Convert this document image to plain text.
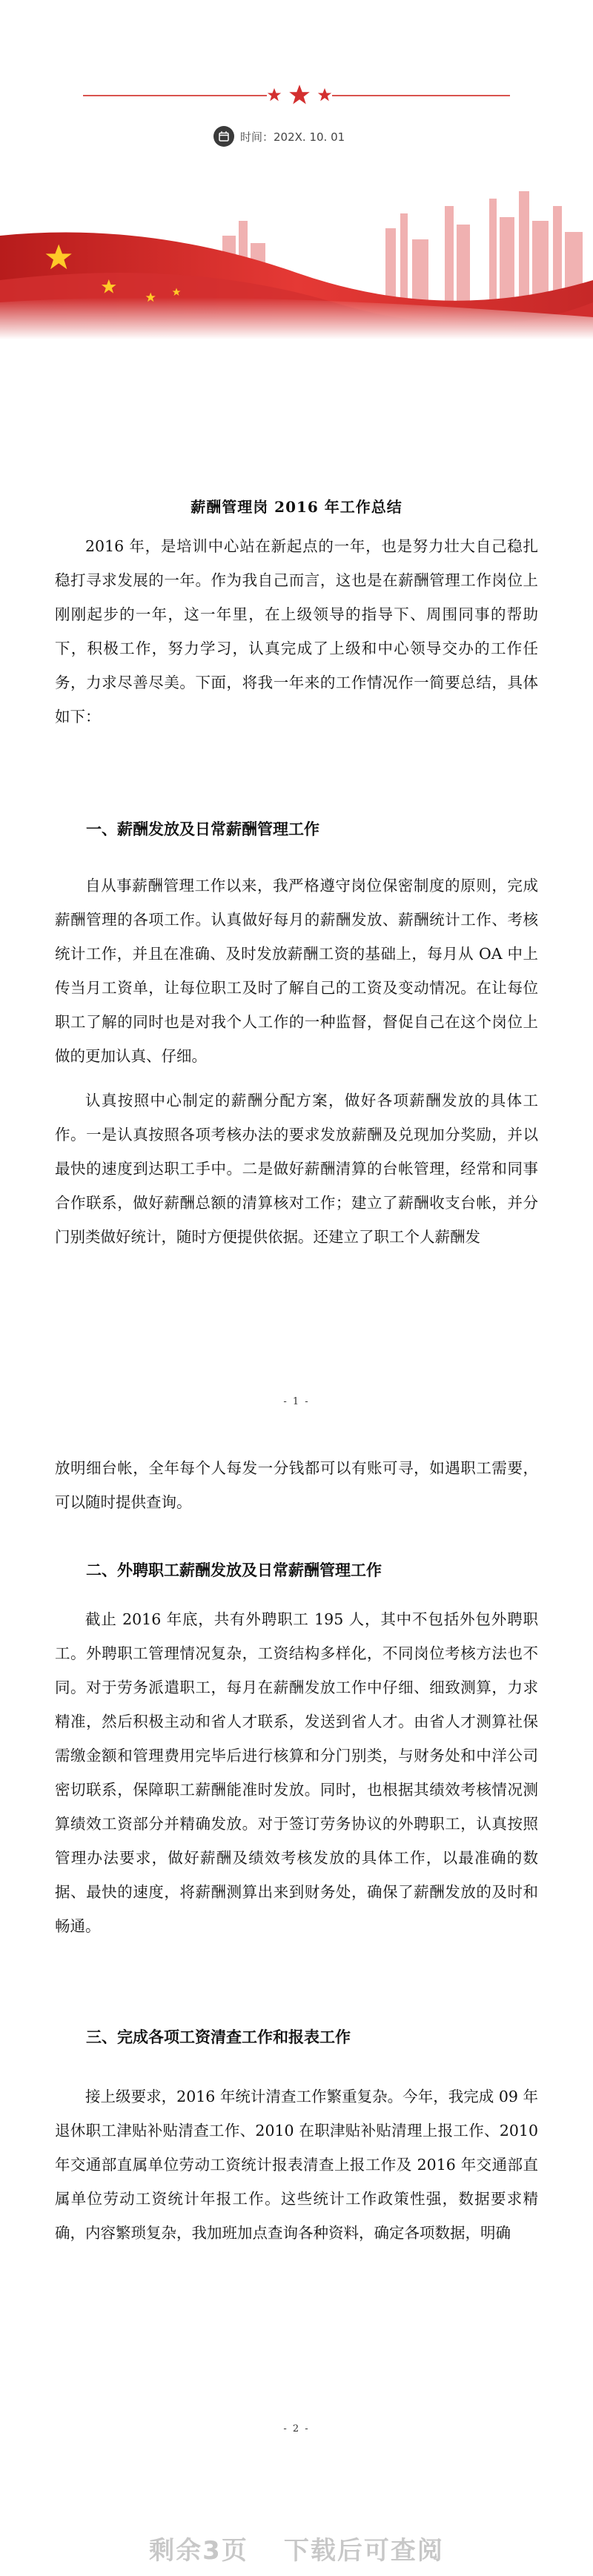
时间：202X. 10. 01
薪酬管理岗 2016 年工作总结

2016 年，是培训中心站在新起点的一年，也是努力壮大自己稳扎稳打寻求发展的一年。作为我自己而言，这也是在薪酬管理工作岗位上刚刚起步的一年，这一年里，在上级领导的指导下、周围同事的帮助下，积极工作，努力学习，认真完成了上级和中心领导交办的工作任务，力求尽善尽美。下面，将我一年来的工作情况作一简要总结，具体如下：

一、薪酬发放及日常薪酬管理工作

自从事薪酬管理工作以来，我严格遵守岗位保密制度的原则，完成薪酬管理的各项工作。认真做好每月的薪酬发放、薪酬统计工作、考核统计工作，并且在准确、及时发放薪酬工资的基础上，每月从 OA 中上传当月工资单，让每位职工及时了解自己的工资及变动情况。在让每位职工了解的同时也是对我个人工作的一种监督，督促自己在这个岗位上做的更加认真、仔细。

认真按照中心制定的薪酬分配方案，做好各项薪酬发放的具体工作。一是认真按照各项考核办法的要求发放薪酬及兑现加分奖励，并以最快的速度到达职工手中。二是做好薪酬清算的台帐管理，经常和同事合作联系，做好薪酬总额的清算核对工作；建立了薪酬收支台帐，并分门别类做好统计，随时方便提供依据。还建立了职工个人薪酬发

- 1 -

放明细台帐，全年每个人每发一分钱都可以有账可寻，如遇职工需要，可以随时提供查询。

二、外聘职工薪酬发放及日常薪酬管理工作

截止 2016 年底，共有外聘职工 195 人，其中不包括外包外聘职工。外聘职工管理情况复杂，工资结构多样化，不同岗位考核方法也不同。对于劳务派遣职工，每月在薪酬发放工作中仔细、细致测算，力求精准，然后积极主动和省人才联系，发送到省人才。由省人才测算社保需缴金额和管理费用完毕后进行核算和分门别类，与财务处和中洋公司密切联系，保障职工薪酬能准时发放。同时，也根据其绩效考核情况测算绩效工资部分并精确发放。对于签订劳务协议的外聘职工，认真按照管理办法要求，做好薪酬及绩效考核发放的具体工作，以最准确的数据、最快的速度，将薪酬测算出来到财务处，确保了薪酬发放的及时和畅通。

三、完成各项工资清查工作和报表工作

接上级要求，2016 年统计清查工作繁重复杂。今年，我完成 09 年退休职工津贴补贴清查工作、2010 在职津贴补贴清理上报工作、2010 年交通部直属单位劳动工资统计报表清查上报工作及 2016 年交通部直属单位劳动工资统计年报工作。这些统计工作政策性强，数据要求精确，内容繁琐复杂，我加班加点查询各种资料，确定各项数据，明确

- 2 -
剩余3页 下载后可查阅
